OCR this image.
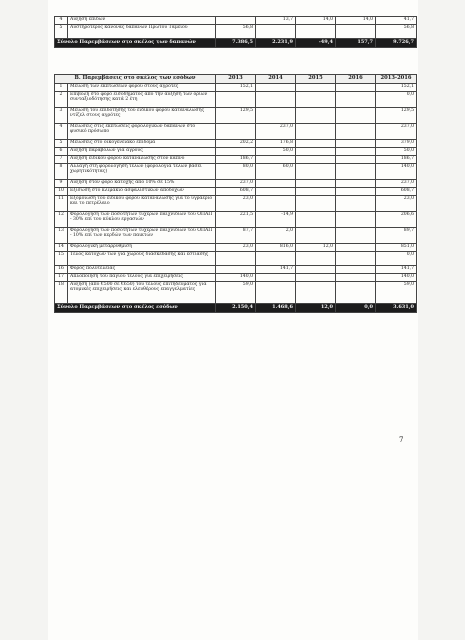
4	Αύξηση επιδών		13,7	14,0	14,0	41,7
5	Αυστηρότερος κανόνας δαπανών Πρώτου Ταμείου	56,8				56,8
Σύνολο Παρεμβάσεων στο σκέλος των δαπανών		7.386,5	2.231,9	-49,4	157,7	9.726,7
Β. Παρεμβάσεις στο σκέλος των εσόδων		2013	2014	2015	2016	2013-2016
1	Μείωση των εκπτώσεων φόρου στους αγρότες	152,1				152,1
2	Επιβολή στο φόρο εισοδήματος από την αύξηση των ορίων συνταξιοδότησης κατά 2 έτη					0,0
3	Μείωση του επιδότησης του ειδικού φόρου κατανάλωσης ντίζελ στους αγρότες	129,5				129,5
4	Μειώσεις στις εκπτώσεις φορολογικών δαπανών στο φυσικό πρόσωπο		237,0			237,0
5	Μειώσεις στο οικογενειακό επίδομα	202,2	176,8			379,0
6	Αύξηση παραβόλων για αγρούς		50,0			50,0
7	Αύξηση ειδικού φόρου κατανάλωσης στον καπνό	186,7				186,7
8	Αλλαγή στη φορολόγηση τελών (φορολογία τελών βάσει χωρητικότητας)	80,0	60,0			140,0
9	Αύξηση στον φόρο κατοχής από 10% σε 15%	237,0				237,0
10	Εξίσωση στο κλιμάκιο ασφαλιστικών αποδοχών	608,7				608,7
11	Εξομοίωση του ειδικού φόρου κατανάλωσης για το υγραέριο και το πετρέλαιο	23,0				23,0
12	Φορολόγηση των ποσοτήτων τυχερών παιχνιδιών του ΟΠΑΠ - 30% επί του κύκλου εργασιών	221,5	-14,9			206,6
13	Φορολόγηση των ποσοτήτων τυχερών παιχνιδιών του ΟΠΑΠ - 10% επί των κερδών των παικτών	87,7	2,0			89,7
14	Φορολογική μεταρρύθμιση	23,0	816,0	12,0		851,0
15	Τέλος κατόχων των για χώρους διασκέδασης και εστίασης					0,0
16	Φόρος πολυτελείας		141,7			141,7
17	Απλοποίηση του πάγιου τέλους για επιχειρήσεις	140,0				140,0
18	Αύξηση (από €500 σε €650) του τέλους επιτηδεύματος για ατομικές επιχειρήσεις και ελευθέρους επαγγελματίες	59,0				59,0
Σύνολο Παρεμβάσεων στο σκέλος εσόδων		2.150,4	1.468,6	12,0	0,0	3.631,0
7
